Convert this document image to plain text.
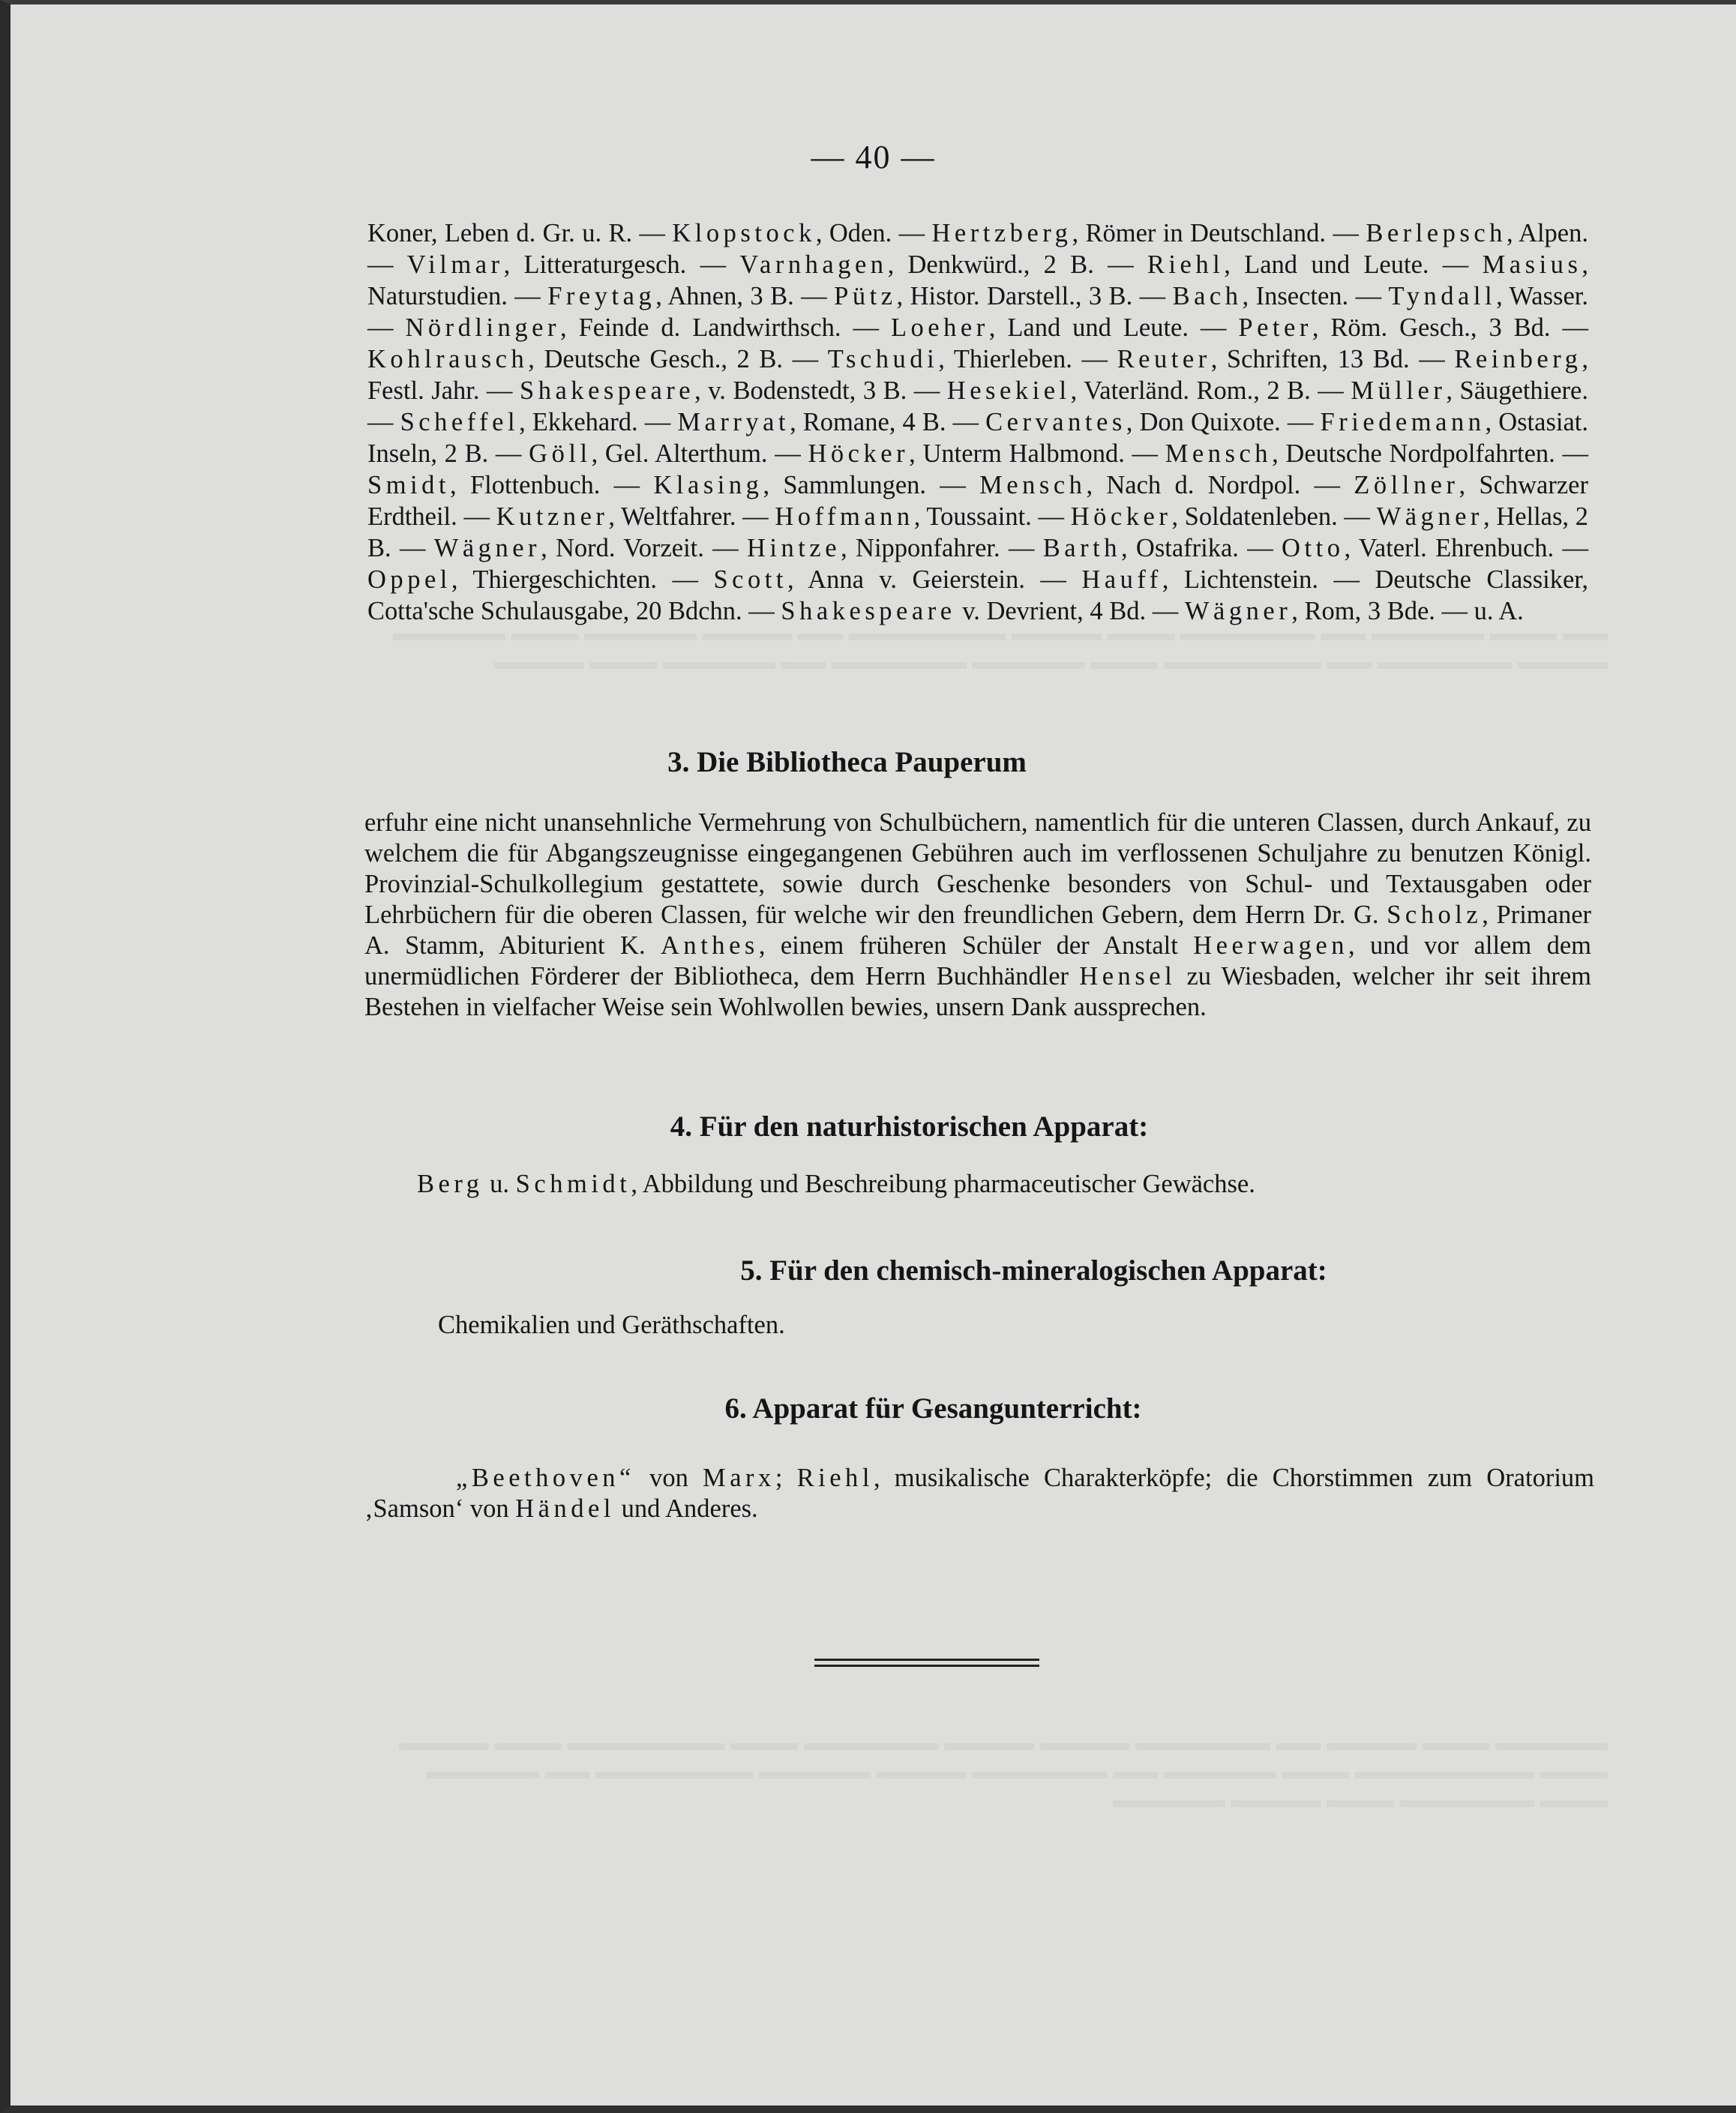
▬▬ ▬▬▬ ▬▬▬▬▬ ▬▬ ▬▬▬▬▬▬ ▬▬▬ ▬▬▬▬ ▬▬▬▬▬▬▬ ▬▬ ▬▬▬▬ ▬▬▬▬▬ ▬▬▬ ▬▬▬▬▬ ▬▬▬▬ ▬▬▬▬▬▬ ▬▬ ▬▬▬▬▬▬▬ ▬▬▬ ▬▬▬▬▬ ▬▬▬▬▬▬ ▬▬ ▬▬▬▬▬ ▬▬▬ ▬▬▬▬
▬▬▬▬▬ ▬▬▬ ▬▬▬▬ ▬▬ ▬▬▬▬▬▬ ▬▬▬▬ ▬▬▬▬ ▬▬▬▬▬▬ ▬▬▬ ▬▬▬▬▬▬▬ ▬▬▬ ▬▬▬▬ ▬▬▬ ▬▬▬▬▬▬▬▬ ▬▬▬ ▬▬▬▬▬ ▬▬ ▬▬▬▬▬▬ ▬▬▬▬ ▬▬▬▬▬ ▬▬▬▬▬▬▬ ▬▬ ▬▬▬▬▬ ▬▬▬ ▬▬▬▬▬▬ ▬▬▬ ▬▬▬▬ ▬▬▬▬▬
— 40 —
Koner, Leben d. Gr. u. R. — Klopstock, Oden. — Hertzberg, Römer in Deutschland. — Berlepsch, Alpen. — Vilmar, Litteraturgesch. — Varnhagen, Denkwürd., 2 B. — Riehl, Land und Leute. — Masius, Naturstudien. — Freytag, Ahnen, 3 B. — Pütz, Histor. Darstell., 3 B. — Bach, Insecten. — Tyndall, Wasser. — Nördlinger, Feinde d. Landwirthsch. — Loeher, Land und Leute. — Peter, Röm. Gesch., 3 Bd. — Kohlrausch, Deutsche Gesch., 2 B. — Tschudi, Thierleben. — Reuter, Schriften, 13 Bd. — Reinberg, Festl. Jahr. — Shakespeare, v. Bodenstedt, 3 B. — Hesekiel, Vaterländ. Rom., 2 B. — Müller, Säugethiere. — Scheffel, Ekkehard. — Marryat, Romane, 4 B. — Cervantes, Don Quixote. — Friedemann, Ostasiat. Inseln, 2 B. — Göll, Gel. Alterthum. — Höcker, Unterm Halbmond. — Mensch, Deutsche Nordpolfahrten. — Smidt, Flottenbuch. — Klasing, Sammlungen. — Mensch, Nach d. Nordpol. — Zöllner, Schwarzer Erdtheil. — Kutzner, Weltfahrer. — Hoffmann, Toussaint. — Höcker, Soldatenleben. — Wägner, Hellas, 2 B. — Wägner, Nord. Vorzeit. — Hintze, Nipponfahrer. — Barth, Ostafrika. — Otto, Vaterl. Ehrenbuch. — Oppel, Thiergeschichten. — Scott, Anna v. Geierstein. — Hauff, Lichtenstein. — Deutsche Classiker, Cotta'sche Schulausgabe, 20 Bdchn. — Shakespeare v. Devrient, 4 Bd. — Wägner, Rom, 3 Bde. — u. A.
3. Die Bibliotheca Pauperum
erfuhr eine nicht unansehnliche Vermehrung von Schulbüchern, namentlich für die unteren Classen, durch Ankauf, zu welchem die für Abgangszeugnisse eingegangenen Gebühren auch im verflossenen Schuljahre zu benutzen Königl. Provinzial-Schulkollegium gestattete, sowie durch Geschenke besonders von Schul- und Textausgaben oder Lehrbüchern für die oberen Classen, für welche wir den freundlichen Gebern, dem Herrn Dr. G. Scholz, Primaner A. Stamm, Abiturient K. Anthes, einem früheren Schüler der Anstalt Heerwagen, und vor allem dem unermüdlichen Förderer der Bibliotheca, dem Herrn Buchhändler Hensel zu Wiesbaden, welcher ihr seit ihrem Bestehen in vielfacher Weise sein Wohlwollen bewies, unsern Dank aussprechen.
4. Für den naturhistorischen Apparat:
Berg u. Schmidt, Abbildung und Beschreibung pharmaceutischer Gewächse.
5. Für den chemisch-mineralogischen Apparat:
Chemikalien und Geräthschaften.
6. Apparat für Gesangunterricht:
„Beethoven“ von Marx; Riehl, musikalische Charakterköpfe; die Chorstimmen zum Oratorium ‚Samson‘ von Händel und Anderes.
